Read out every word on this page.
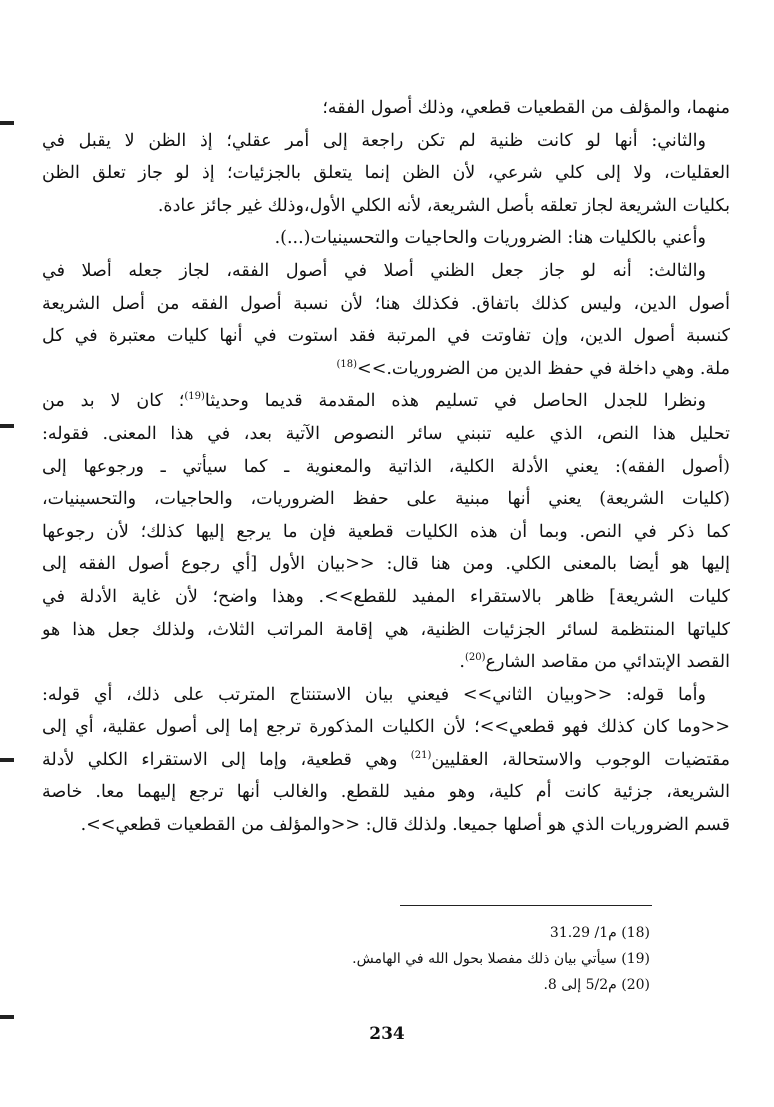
منهما، والمؤلف من القطعيات قطعي، وذلك أصول الفقه؛
والثاني: أنها لو كانت ظنية لم تكن راجعة إلى أمر عقلي؛ إذ الظن لا يقبل في
العقليات، ولا إلى كلي شرعي، لأن الظن إنما يتعلق بالجزئيات؛ إذ لو جاز تعلق الظن
بكليات الشريعة لجاز تعلقه بأصل الشريعة، لأنه الكلي الأول،وذلك غير جائز عادة.
وأعني بالكليات هنا: الضروريات والحاجيات والتحسينيات(...).
والثالث: أنه لو جاز جعل الظني أصلا في أصول الفقه، لجاز جعله أصلا في
أصول الدين، وليس كذلك باتفاق. فكذلك هنا؛ لأن نسبة أصول الفقه من أصل الشريعة
كنسبة أصول الدين، وإن تفاوتت في المرتبة فقد استوت في أنها كليات معتبرة في كل
ملة. وهي داخلة في حفظ الدين من الضروريات.>>$^{(18)}$
ونظرا للجدل الحاصل في تسليم هذه المقدمة قديما وحديثا$^{(19)}$؛ كان لا بد من
تحليل هذا النص، الذي عليه تنبني سائر النصوص الآتية بعد، في هذا المعنى. فقوله:
(أصول الفقه): يعني الأدلة الكلية، الذاتية والمعنوية ـ كما سيأتي ـ ورجوعها إلى
(كليات الشريعة) يعني أنها مبنية على حفظ الضروريات، والحاجيات، والتحسينيات،
كما ذكر في النص. وبما أن هذه الكليات قطعية فإن ما يرجع إليها كذلك؛ لأن رجوعها
إليها هو أيضا بالمعنى الكلي. ومن هنا قال: <<بيان الأول [أي رجوع أصول الفقه إلى
كليات الشريعة] ظاهر بالاستقراء المفيد للقطع>>. وهذا واضح؛ لأن غاية الأدلة في
كلياتها المنتظمة لسائر الجزئيات الظنية، هي إقامة المراتب الثلاث، ولذلك جعل هذا هو
القصد الإبتدائي من مقاصد الشارع$^{(20)}$.
وأما قوله: <<وبيان الثاني>> فيعني بيان الاستنتاج المترتب على ذلك، أي قوله:
<<وما كان كذلك فهو قطعي>>؛ لأن الكليات المذكورة ترجع إما إلى أصول عقلية، أي إلى
مقتضيات الوجوب والاستحالة، العقليين$^{(21)}$ وهي قطعية، وإما إلى الاستقراء الكلي لأدلة
الشريعة، جزئية كانت أم كلية، وهو مفيد للقطع. والغالب أنها ترجع إليهما معا. خاصة
قسم الضروريات الذي هو أصلها جميعا. ولذلك قال: <<والمؤلف من القطعيات قطعي>>.
(18) م1/ 31.29
(19) سيأتي بيان ذلك مفصلا بحول الله في الهامش.
(20) م5/2 إلى 8.
234
